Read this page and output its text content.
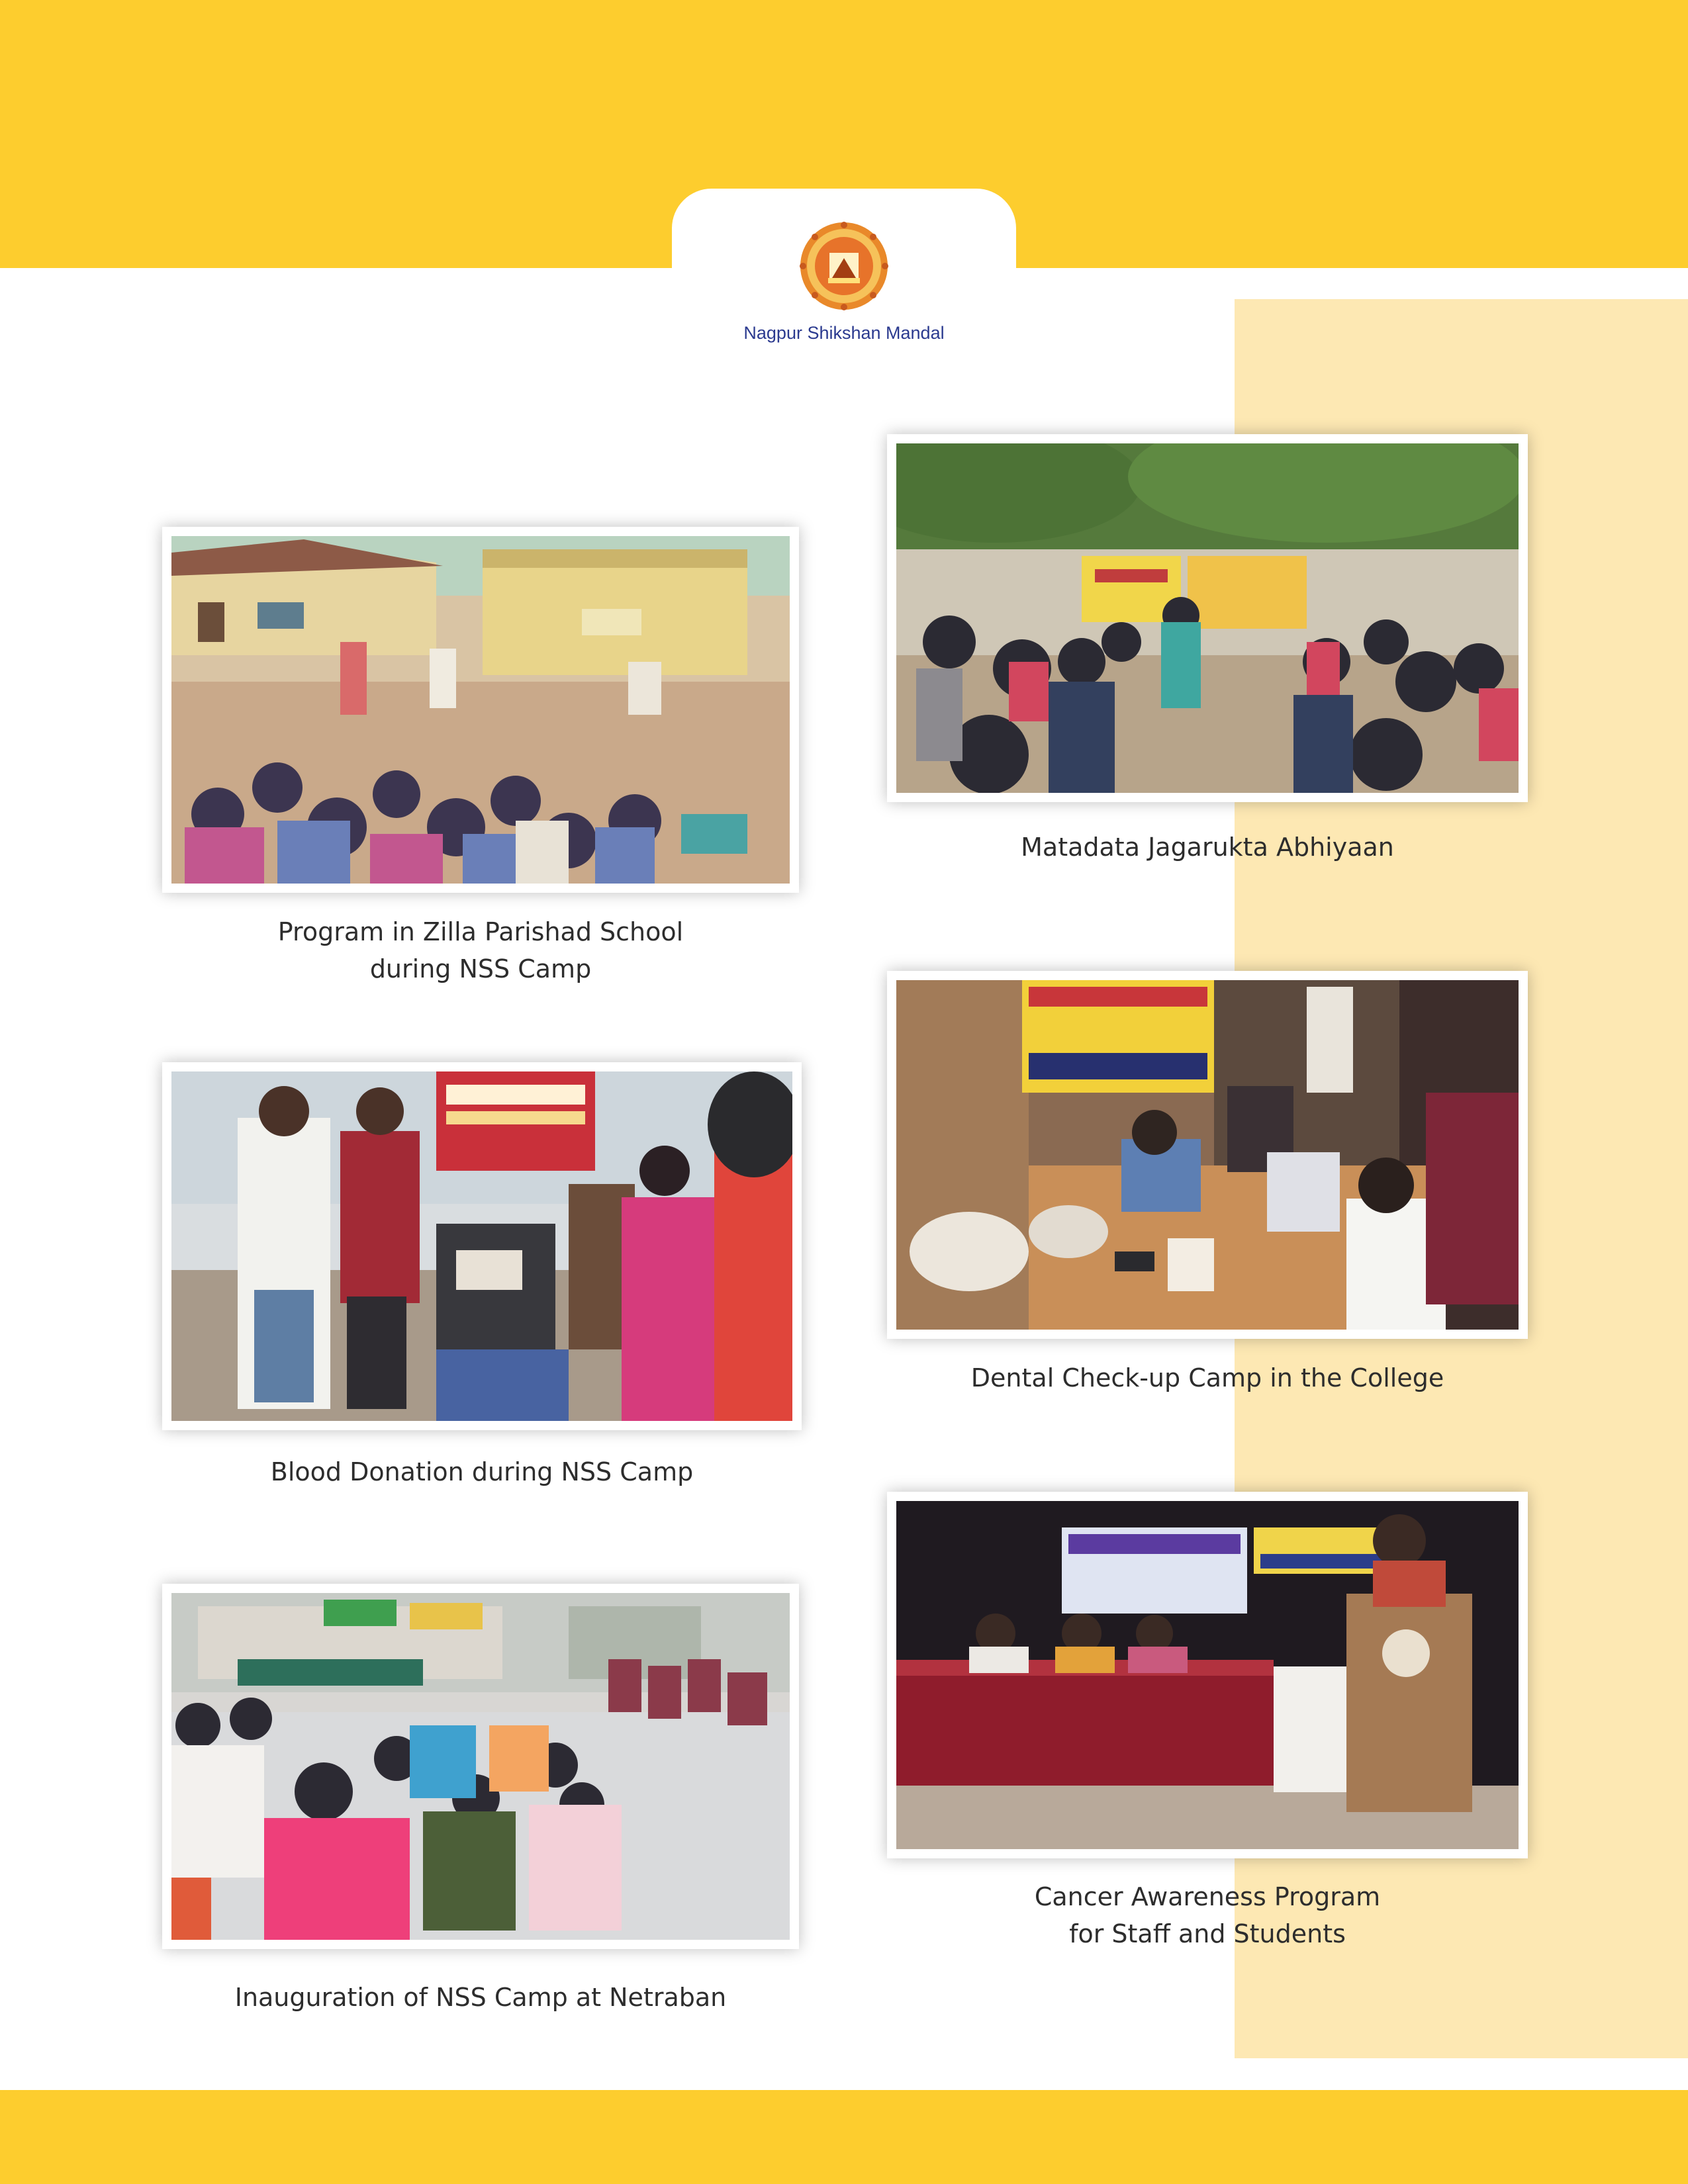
Nagpur Shikshan Mandal
Program in Zilla Parishad School
during NSS Camp
Matadata Jagarukta Abhiyaan
Blood Donation during NSS Camp
Dental Check-up Camp in the College
Inauguration of NSS Camp at Netraban
Cancer Awareness Program
for Staff and Students
